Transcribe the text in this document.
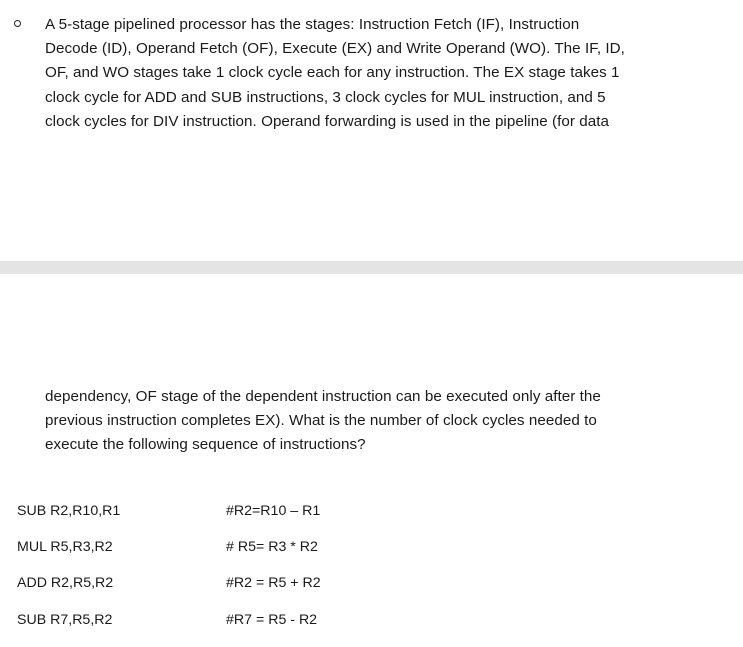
A 5-stage pipelined processor has the stages: Instruction Fetch (IF), Instruction
Decode (ID), Operand Fetch (OF), Execute (EX) and Write Operand (WO). The IF, ID,
OF, and WO stages take 1 clock cycle each for any instruction. The EX stage takes 1
clock cycle for ADD and SUB instructions, 3 clock cycles for MUL instruction, and 5
clock cycles for DIV instruction. Operand forwarding is used in the pipeline (for data
dependency, OF stage of the dependent instruction can be executed only after the
previous instruction completes EX). What is the number of clock cycles needed to
execute the following sequence of instructions?
SUB R2,R10,R1	#R2=R10 – R1
MUL R5,R3,R2	# R5= R3 * R2
ADD R2,R5,R2	#R2 = R5 + R2
SUB R7,R5,R2	#R7 = R5 - R2
